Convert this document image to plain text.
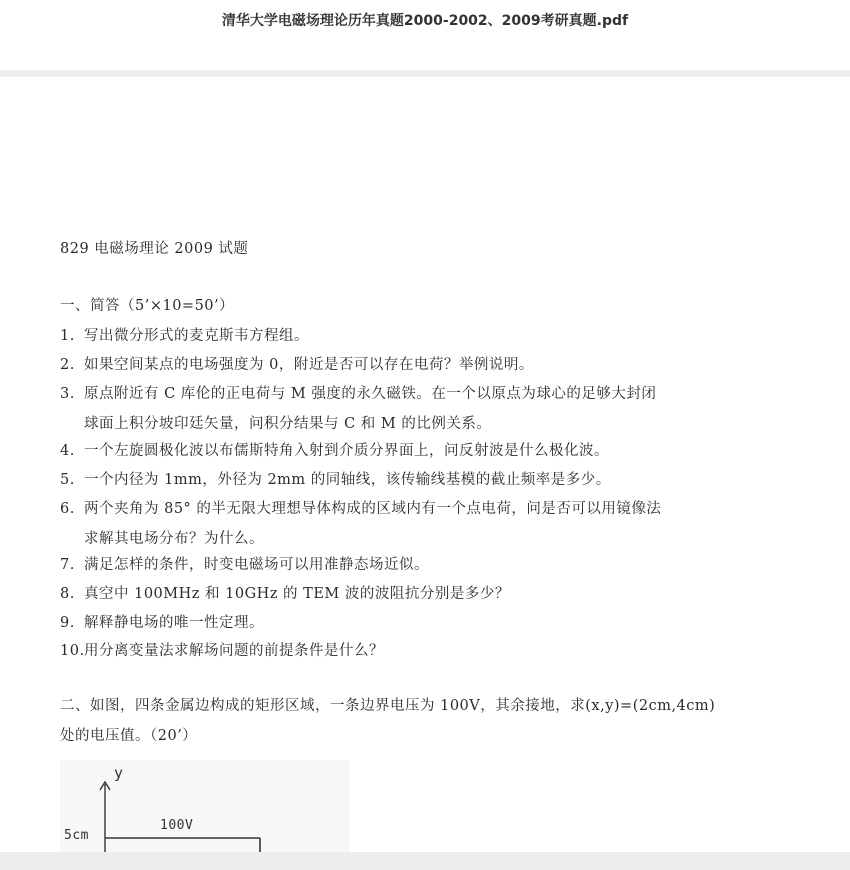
清华大学电磁场理论历年真题2000-2002、2009考研真题.pdf
829 电磁场理论 2009 试题
一、简答（5’×10=50’）
1. 写出微分形式的麦克斯韦方程组。
2. 如果空间某点的电场强度为 0，附近是否可以存在电荷？举例说明。
3. 原点附近有 C 库伦的正电荷与 M 强度的永久磁铁。在一个以原点为球心的足够大封闭
球面上积分坡印廷矢量，问积分结果与 C 和 M 的比例关系。
4. 一个左旋圆极化波以布儒斯特角入射到介质分界面上，问反射波是什么极化波。
5. 一个内径为 1mm，外径为 2mm 的同轴线，该传输线基模的截止频率是多少。
6. 两个夹角为 85° 的半无限大理想导体构成的区域内有一个点电荷，问是否可以用镜像法
求解其电场分布？为什么。
7. 满足怎样的条件，时变电磁场可以用准静态场近似。
8. 真空中 100MHz 和 10GHz 的 TEM 波的波阻抗分别是多少？
9. 解释静电场的唯一性定理。
10.用分离变量法求解场问题的前提条件是什么？
二、如图，四条金属边构成的矩形区域，一条边界电压为 100V，其余接地，求(x,y)=(2cm,4cm)
处的电压值。（20’）
y
100V
5cm
